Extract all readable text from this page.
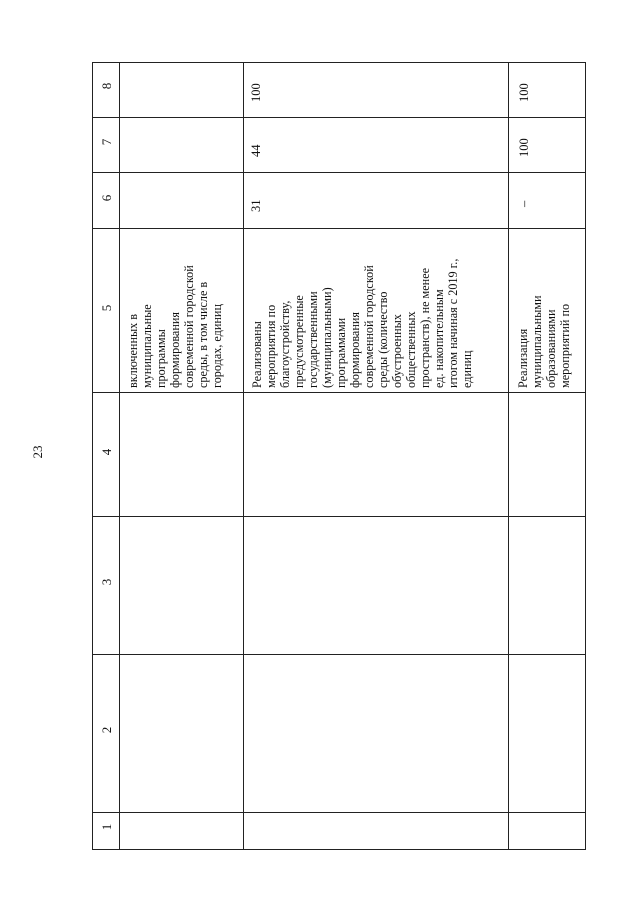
23
8
7
6
5
4
3
2
1
включенных в
муниципальные
программы
формирования
современной городской
среды, в том числе в
городах, единиц Реализованы
мероприятия по
благоустройству,
предусмотренные
государственными
(муниципальными)
программами
формирования
современной городской
среды (количество
обустроенных
общественных
пространств), не менее
ед. накопительным
итогом начиная с 2019 г.,
единиц
31
44
100
Реализация
муниципальными
образованиями
мероприятий по
–
100
100
